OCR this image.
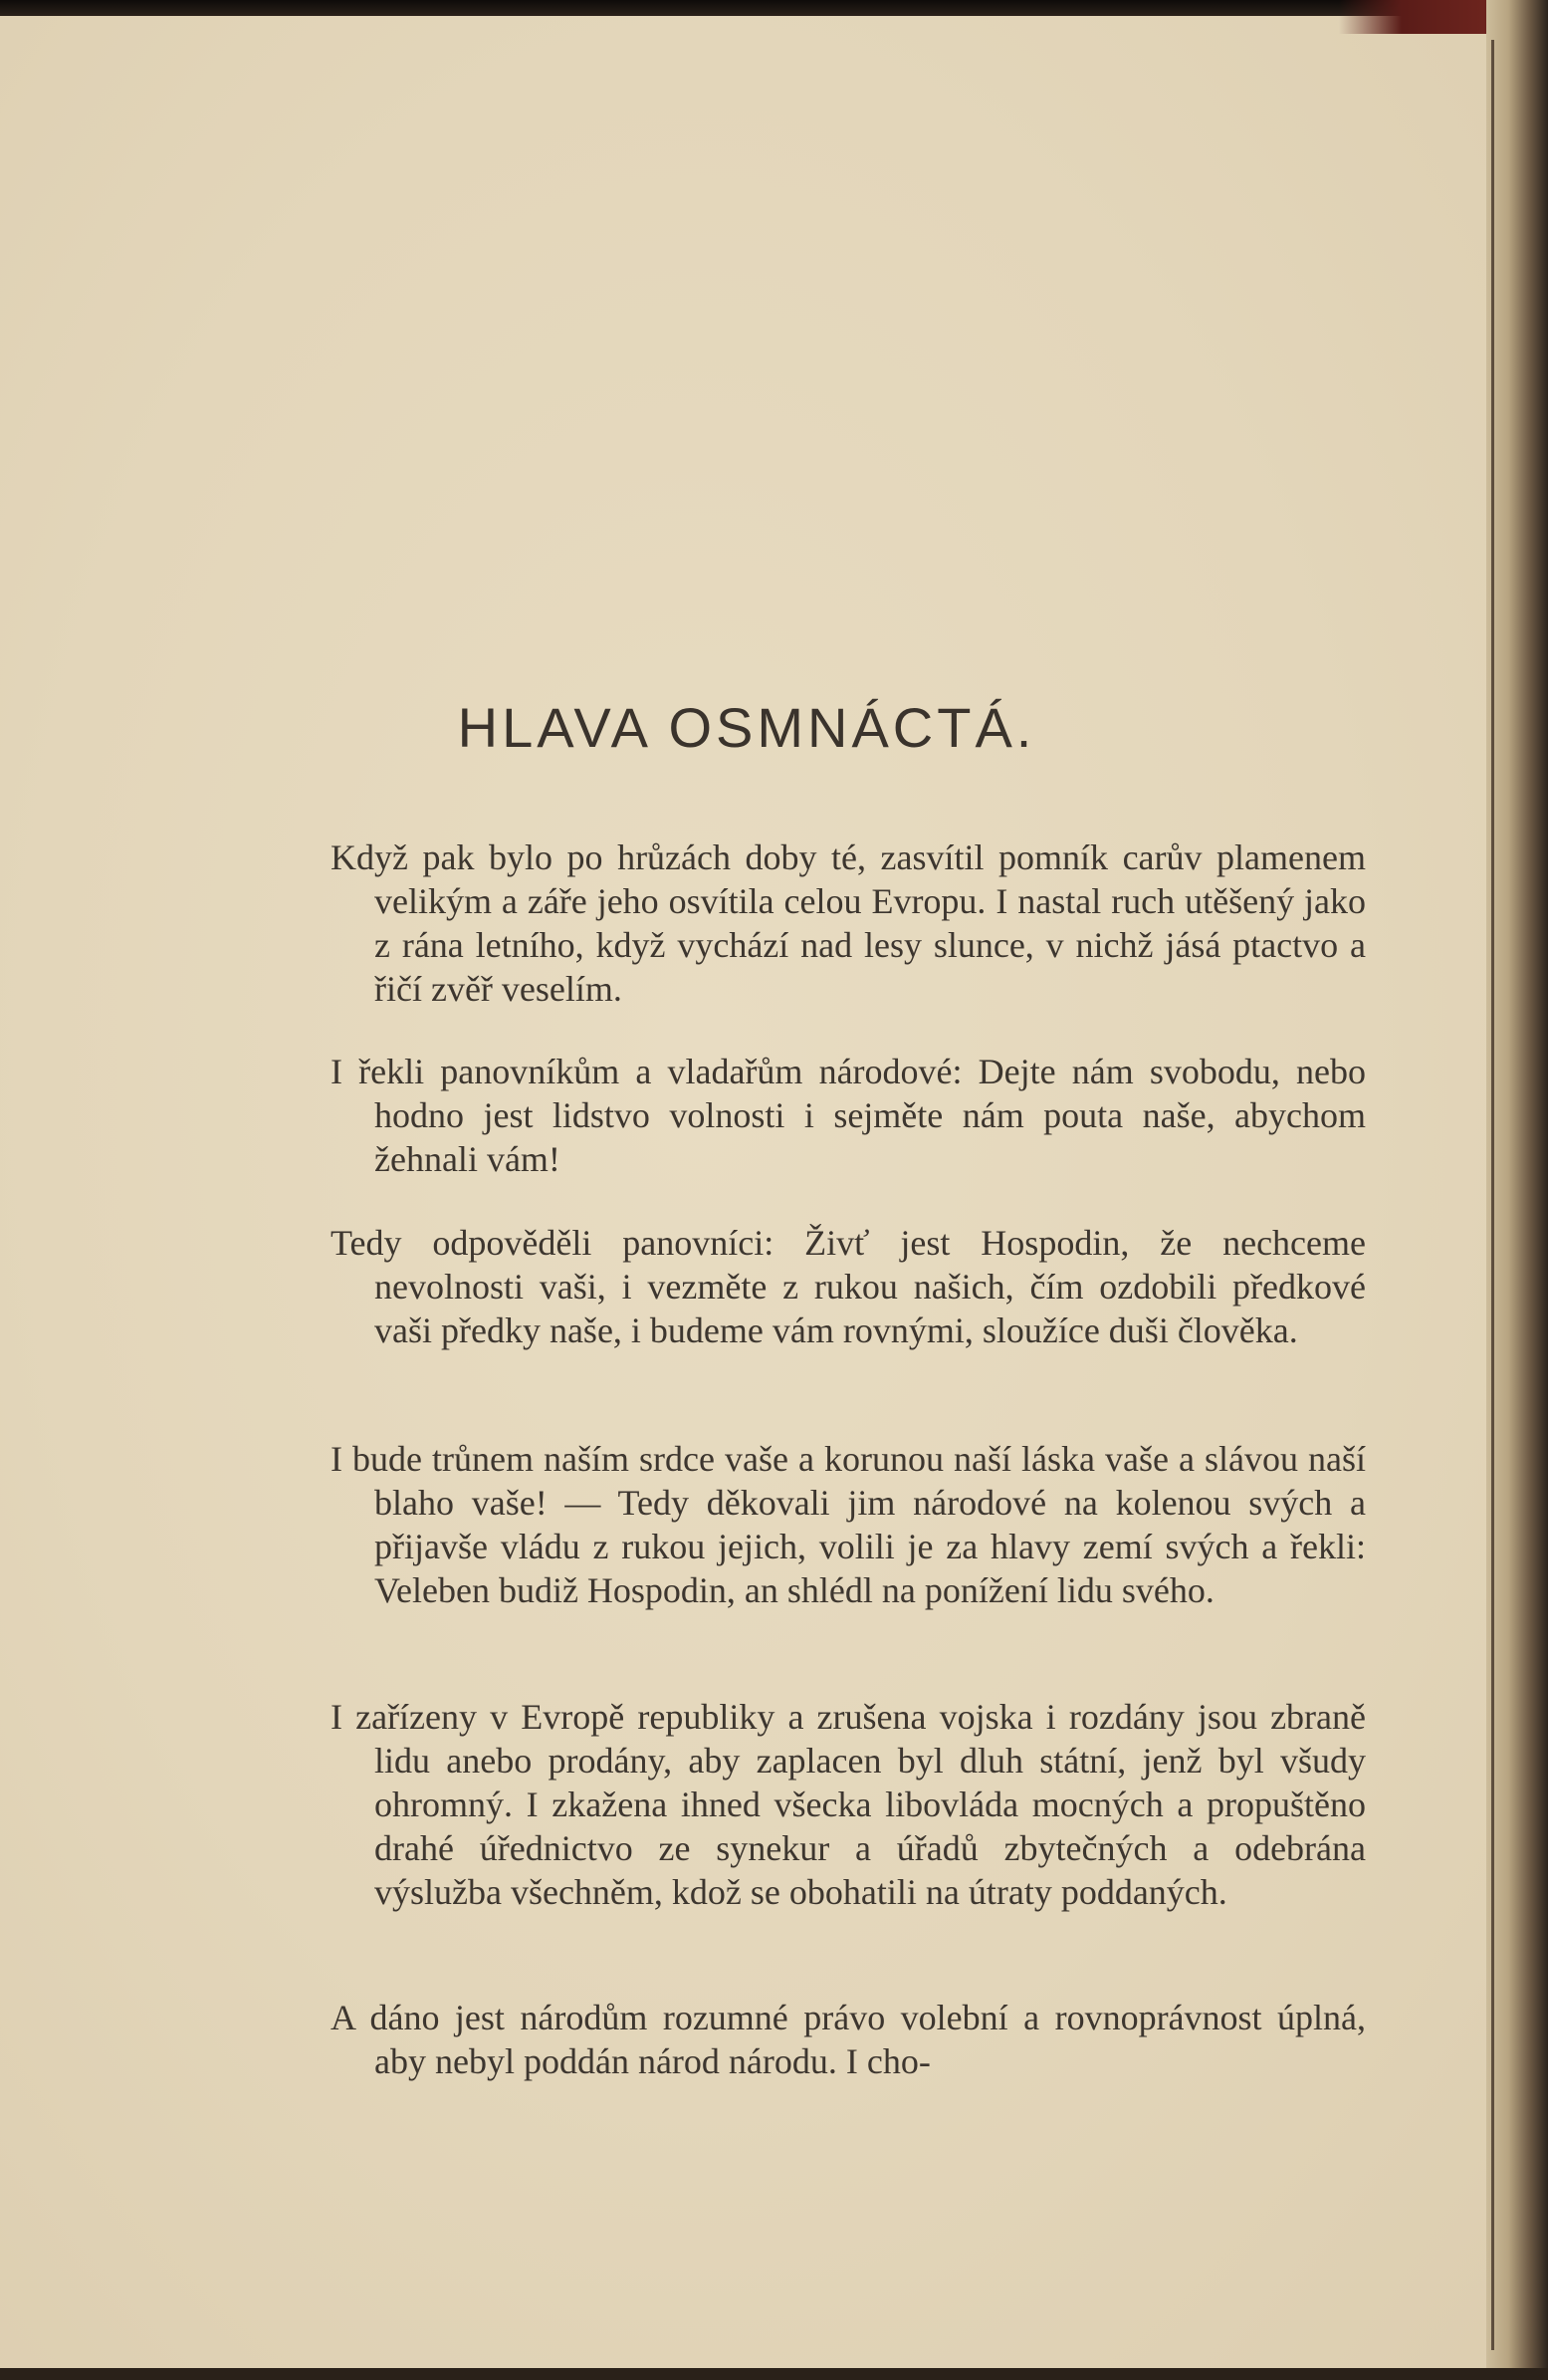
HLAVA OSMNÁCTÁ.

Když pak bylo po hrůzách doby té, zasvítil pomník carův plamenem velikým a záře jeho osvítila celou Evropu. I nastal ruch utěšený jako z rána letního, když vychází nad lesy slunce, v nichž jásá ptactvo a řičí zvěř veselím.

I řekli panovníkům a vladařům národové: Dejte nám svobodu, nebo hodno jest lidstvo volnosti i sejměte nám pouta naše, abychom žehnali vám!

Tedy odpověděli panovníci: Živť jest Hospodin, že nechceme nevolnosti vaši, i vezměte z rukou našich, čím ozdobili předkové vaši předky naše, i budeme vám rovnými, sloužíce duši člověka.

I bude trůnem naším srdce vaše a korunou naší láska vaše a slávou naší blaho vaše! — Tedy děkovali jim národové na kolenou svých a přijavše vládu z rukou jejich, volili je za hlavy zemí svých a řekli: Veleben budiž Hospodin, an shlédl na ponížení lidu svého.

I zařízeny v Evropě republiky a zrušena vojska i rozdány jsou zbraně lidu anebo prodány, aby zaplacen byl dluh státní, jenž byl všudy ohromný. I zkažena ihned všecka libovláda mocných a propuštěno drahé úřednictvo ze synekur a úřadů zbytečných a odebrána výslužba všechněm, kdož se obohatili na útraty poddaných.

A dáno jest národům rozumné právo volební a rovnoprávnost úplná, aby nebyl poddán národ národu. I cho-
